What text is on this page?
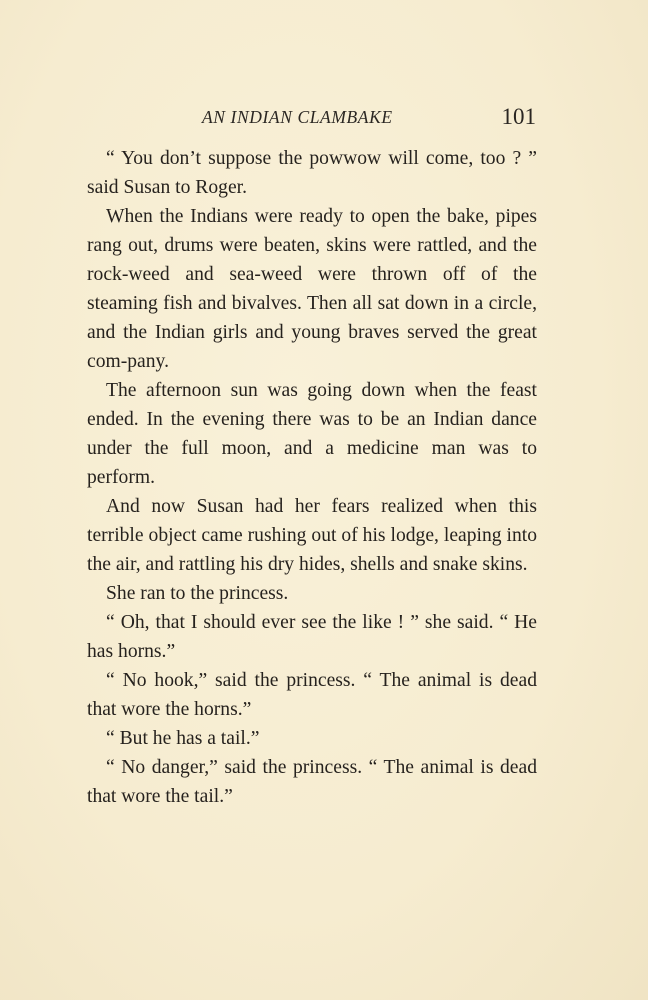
AN INDIAN CLAMBAKE	101

“ You don’t suppose the powwow will come, too ? ” said Susan to Roger.

When the Indians were ready to open the bake, pipes rang out, drums were beaten, skins were rattled, and the rock-weed and sea-weed were thrown off of the steaming fish and bivalves. Then all sat down in a circle, and the Indian girls and young braves served the great com-pany.

The afternoon sun was going down when the feast ended. In the evening there was to be an Indian dance under the full moon, and a medicine man was to perform.

And now Susan had her fears realized when this terrible object came rushing out of his lodge, leaping into the air, and rattling his dry hides, shells and snake skins.

She ran to the princess.

“ Oh, that I should ever see the like ! ” she said. “ He has horns.”

“ No hook,” said the princess. “ The animal is dead that wore the horns.”

“ But he has a tail.”

“ No danger,” said the princess. “ The animal is dead that wore the tail.”
